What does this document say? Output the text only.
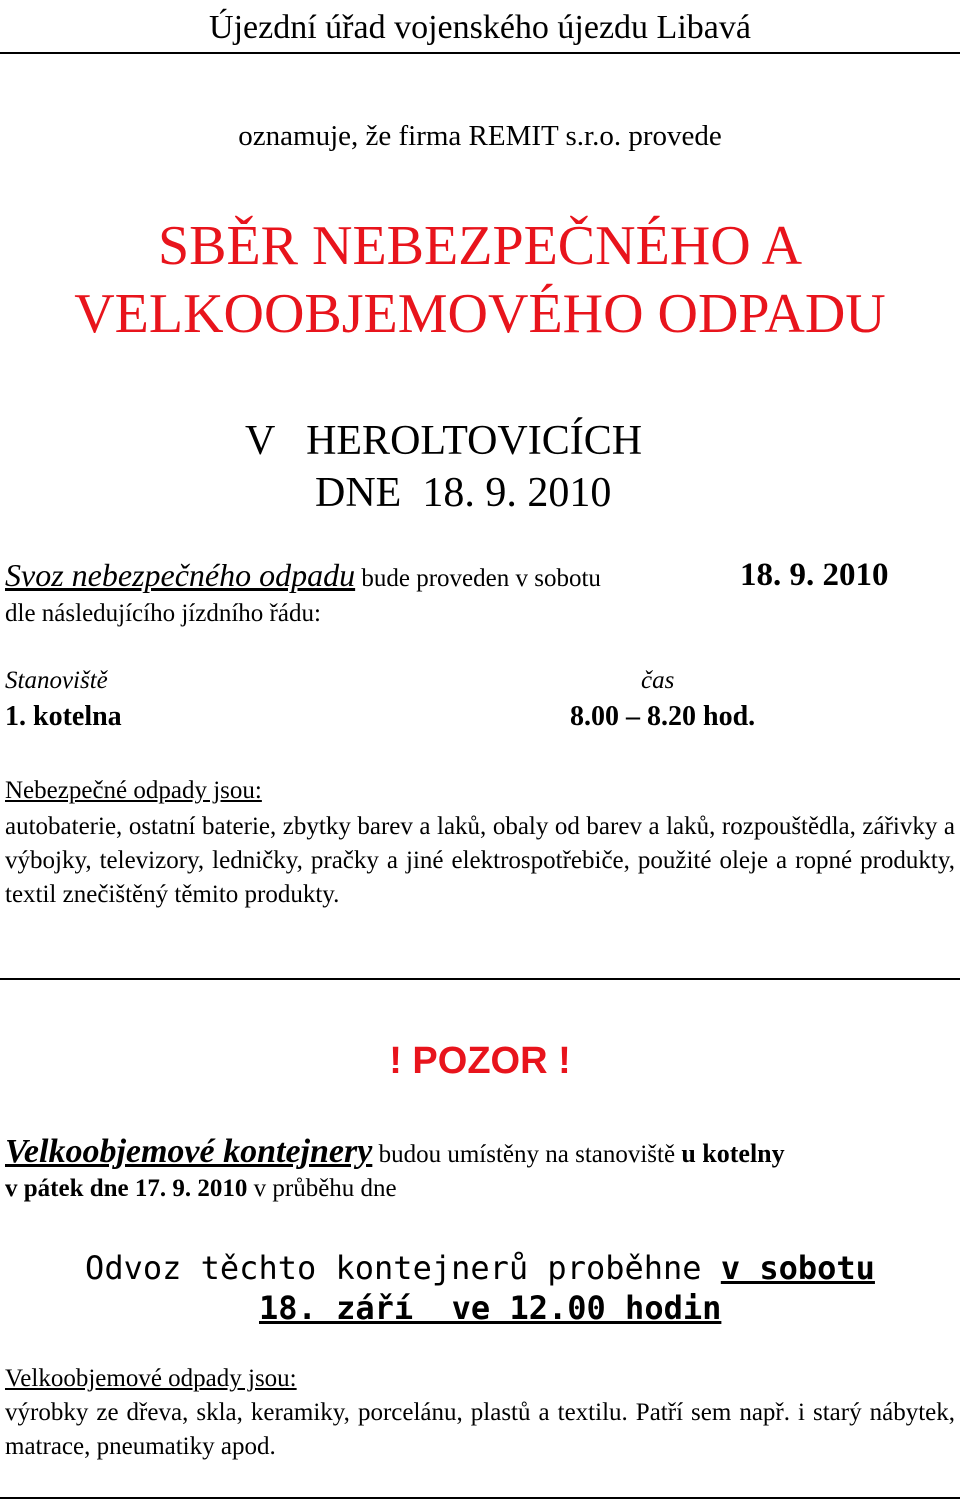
Újezdní úřad vojenského újezdu Libavá
oznamuje, že firma REMIT s.r.o. provede
SBĚR NEBEZPEČNÉHO A
VELKOOBJEMOVÉHO ODPADU
V   HEROLTOVICÍCH
DNE  18. 9. 2010
Svoz nebezpečného odpadu bude proveden v sobotu	18. 9. 2010
dle následujícího jízdního řádu:
Stanoviště	čas
1. kotelna	8.00 – 8.20 hod.
Nebezpečné odpady jsou:
autobaterie, ostatní baterie, zbytky barev a laků, obaly od barev a laků, rozpouštědla, zářivky a výbojky, televizory, ledničky, pračky a jiné elektrospotřebiče, použité oleje a ropné produkty, textil znečištěný těmito produkty.
! POZOR !
Velkoobjemové kontejnery budou umístěny na stanoviště u kotelny
v pátek dne 17. 9. 2010 v průběhu dne
Odvoz těchto kontejnerů proběhne v sobotu
18. září  ve 12.00 hodin
Velkoobjemové odpady jsou:
výrobky ze dřeva, skla, keramiky, porcelánu, plastů a textilu. Patří sem např. i starý nábytek, matrace, pneumatiky apod.
